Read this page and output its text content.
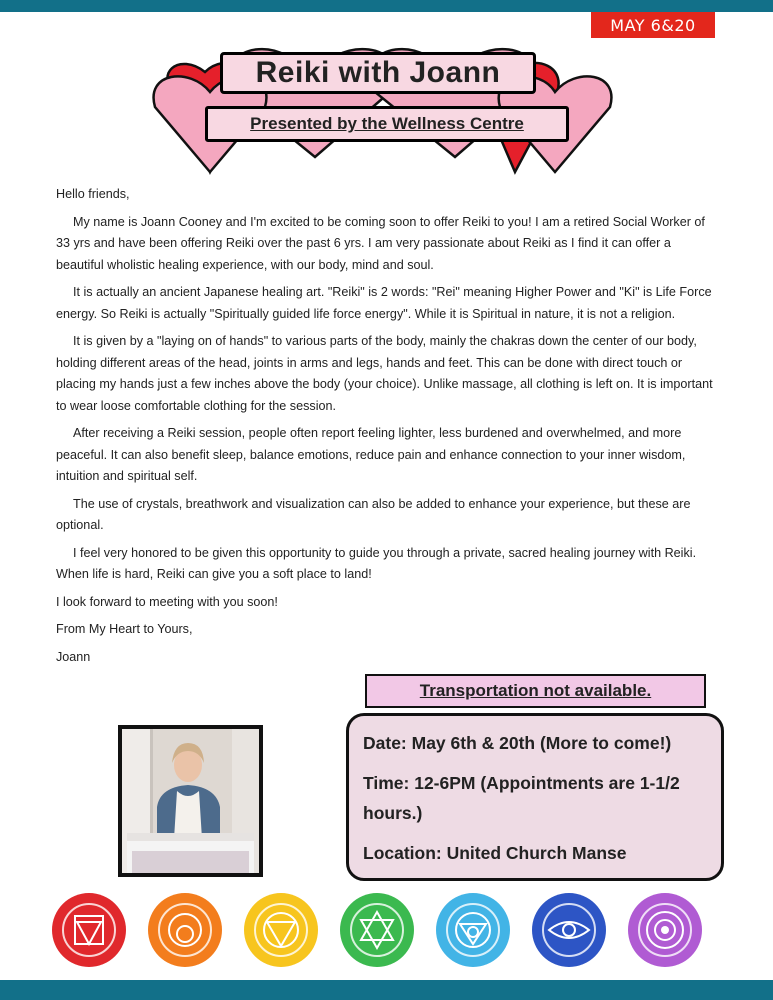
MAY 6&20
Reiki with Joann
Presented by the Wellness Centre

Hello friends,

My name is Joann Cooney and I'm excited to be coming soon to offer Reiki to you! I am a retired Social Worker of 33 yrs and have been offering Reiki over the past 6 yrs. I am very passionate about Reiki as I find it can offer a beautiful wholistic healing experience, with our body, mind and soul.

It is actually an ancient Japanese healing art. "Reiki" is 2 words: "Rei" meaning Higher Power and "Ki" is Life Force energy. So Reiki is actually "Spiritually guided life force energy". While it is Spiritual in nature, it is not a religion.

It is given by a "laying on of hands" to various parts of the body, mainly the chakras down the center of our body, holding different areas of the head, joints in arms and legs, hands and feet. This can be done with direct touch or placing my hands just a few inches above the body (your choice). Unlike massage, all clothing is left on. It is important to wear loose comfortable clothing for the session.

After receiving a Reiki session, people often report feeling lighter, less burdened and overwhelmed, and more peaceful. It can also benefit sleep, balance emotions, reduce pain and enhance connection to your inner wisdom, intuition and spiritual self.

The use of crystals, breathwork and visualization can also be added to enhance your experience, but these are optional.

I feel very honored to be given this opportunity to guide you through a private, sacred healing journey with Reiki. When life is hard, Reiki can give you a soft place to land!

I look forward to meeting with you soon!

From My Heart to Yours,

Joann

Transportation not available.
Date: May 6th & 20th (More to come!)
Time: 12-6PM (Appointments are 1-1/2 hours.)
Location: United Church Manse
